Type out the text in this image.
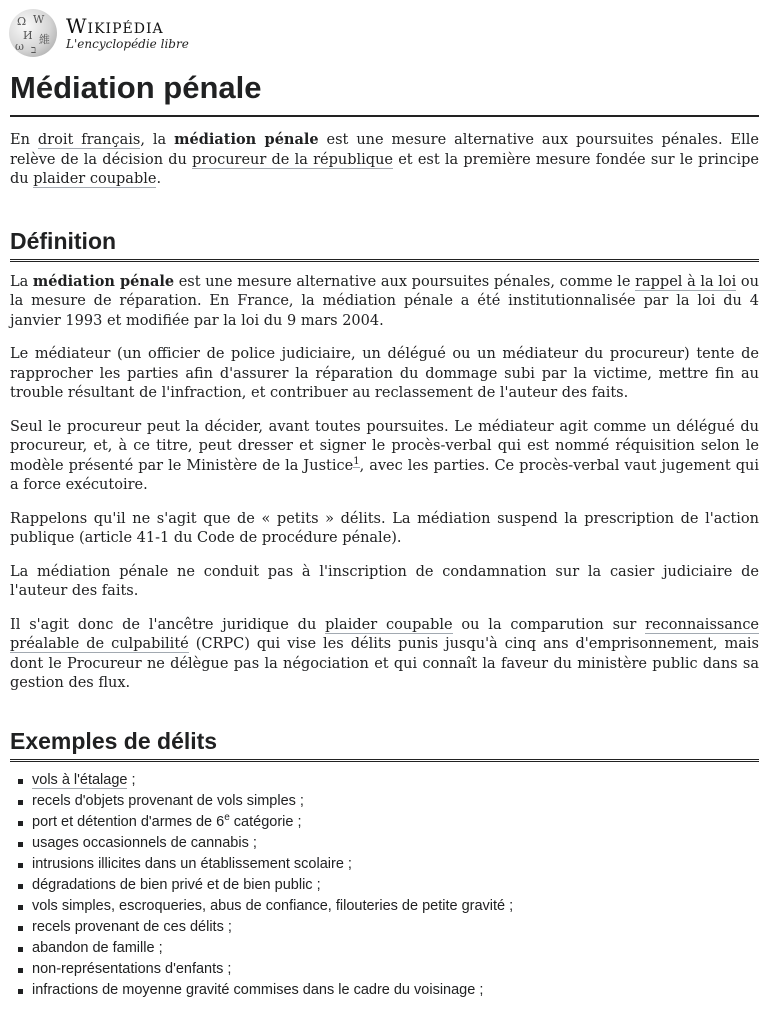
Ω W
И 維
ω ב
Wikipédia
L'encyclopédie libre
Médiation pénale

En droit français, la médiation pénale est une mesure alternative aux poursuites pénales. Elle relève de la décision du procureur de la république et est la première mesure fondée sur le principe du plaider coupable.

Définition

La médiation pénale est une mesure alternative aux poursuites pénales, comme le rappel à la loi ou la mesure de réparation. En France, la médiation pénale a été institutionnalisée par la loi du 4 janvier 1993 et modifiée par la loi du 9 mars 2004.

Le médiateur (un officier de police judiciaire, un délégué ou un médiateur du procureur) tente de rapprocher les parties afin d'assurer la réparation du dommage subi par la victime, mettre fin au trouble résultant de l'infraction, et contribuer au reclassement de l'auteur des faits.

Seul le procureur peut la décider, avant toutes poursuites. Le médiateur agit comme un délégué du procureur, et, à ce titre, peut dresser et signer le procès-verbal qui est nommé réquisition selon le modèle présenté par le Ministère de la Justice$^1$, avec les parties. Ce procès-verbal vaut jugement qui a force exécutoire.

Rappelons qu'il ne s'agit que de « petits » délits. La médiation suspend la prescription de l'action publique (article 41-1 du Code de procédure pénale).

La médiation pénale ne conduit pas à l'inscription de condamnation sur la casier judiciaire de l'auteur des faits.

Il s'agit donc de l'ancêtre juridique du plaider coupable ou la comparution sur reconnaissance préalable de culpabilité (CRPC) qui vise les délits punis jusqu'à cinq ans d'emprisonnement, mais dont le Procureur ne délègue pas la négociation et qui connaît la faveur du ministère public dans sa gestion des flux.

Exemples de délits
vols à l'étalage ;
recels d'objets provenant de vols simples ;
port et détention d'armes de 6e catégorie ;
usages occasionnels de cannabis ;
intrusions illicites dans un établissement scolaire ;
dégradations de bien privé et de bien public ;
vols simples, escroqueries, abus de confiance, filouteries de petite gravité ;
recels provenant de ces délits ;
abandon de famille ;
non-représentations d'enfants ;
infractions de moyenne gravité commises dans le cadre du voisinage ;
